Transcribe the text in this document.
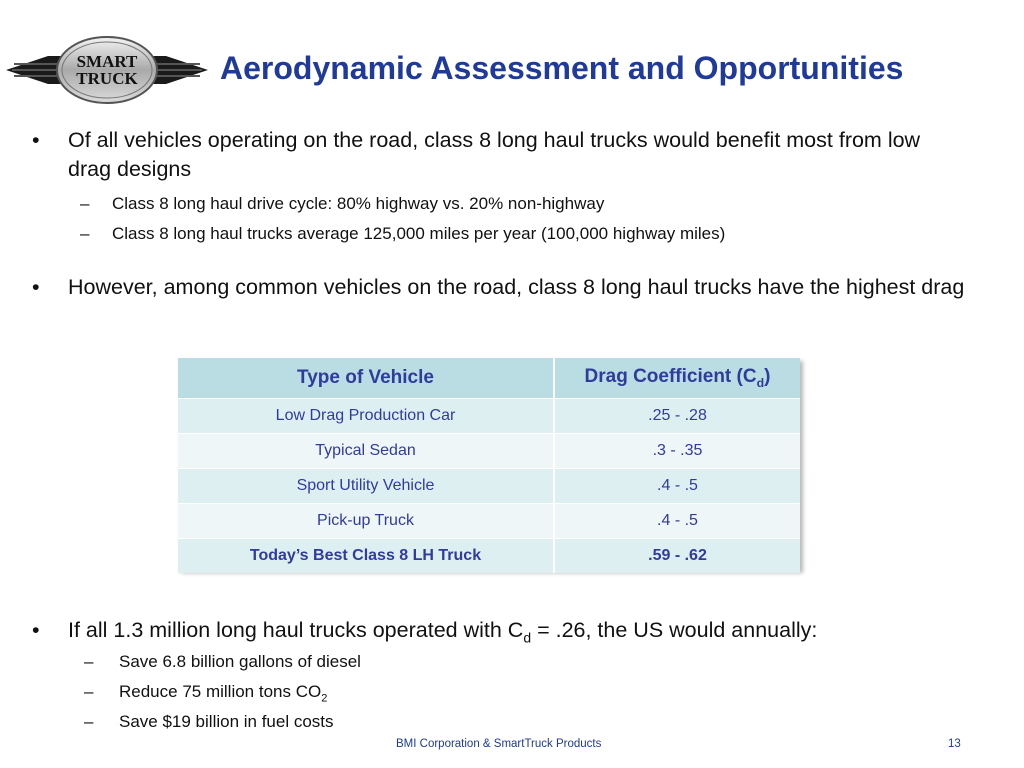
SMART
TRUCK	Aerodynamic Assessment and Opportunities
• Of all vehicles operating on the road, class 8 long haul trucks would benefit most from low drag designs
– Class 8 long haul drive cycle: 80% highway vs. 20% non-highway
– Class 8 long haul trucks average 125,000 miles per year (100,000 highway miles)
• However, among common vehicles on the road, class 8 long haul trucks have the highest drag
Type of Vehicle	Drag Coefficient $(C_d)$
Low Drag Production Car	.25 - .28
Typical Sedan	.3 - .35
Sport Utility Vehicle	.4 - .5
Pick-up Truck	.4 - .5
Today’s Best Class 8 LH Truck	.59 - .62
• If all 1.3 million long haul trucks operated with $C_d = .26$, the US would annually:
– Save 6.8 billion gallons of diesel
– Reduce 75 million tons $CO_2$
– Save $19 billion in fuel costs
BMI Corporation & SmartTruck Products	13
